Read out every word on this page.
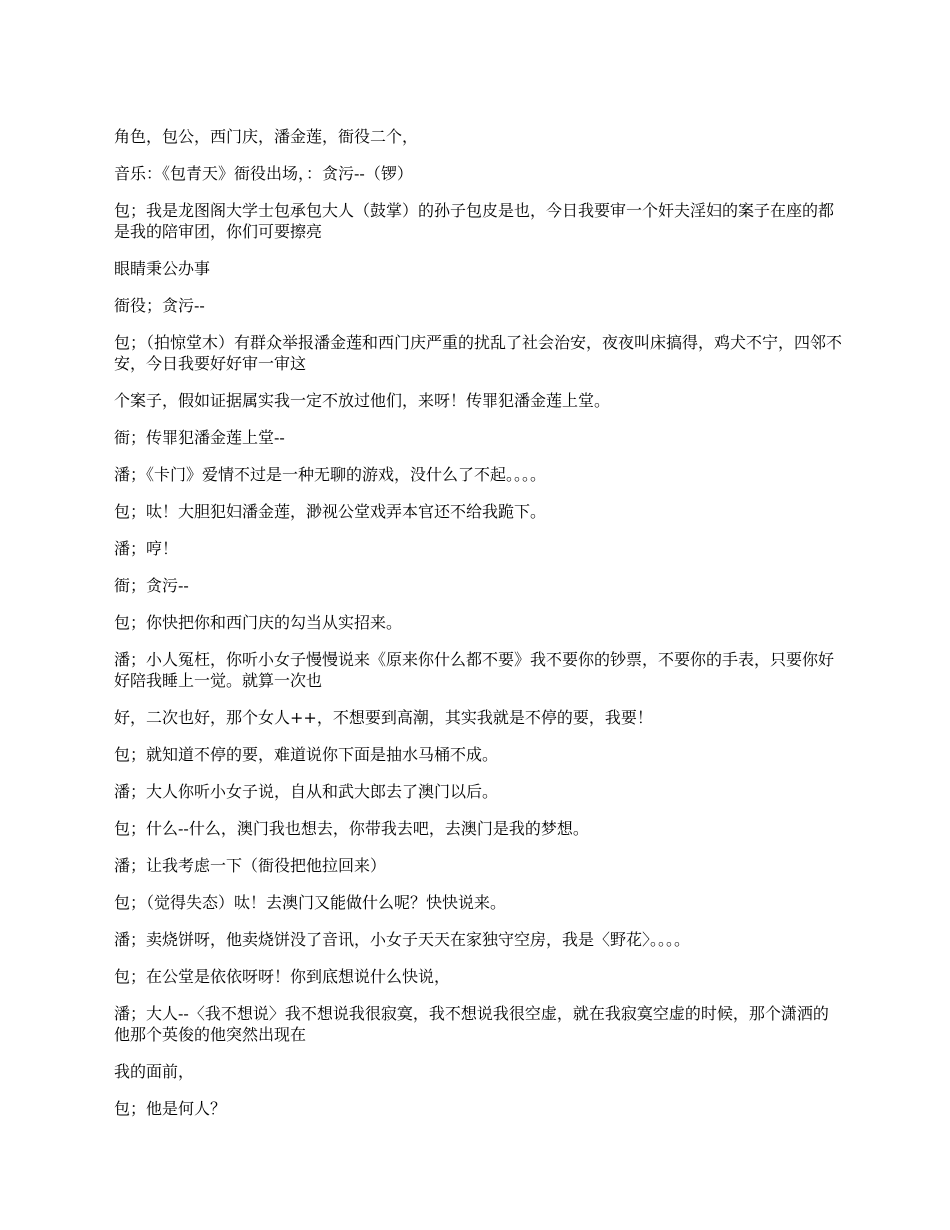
角色，包公，西门庆，潘金莲，衙役二个，

音乐：《包青天》衙役出场，：贪污--（锣）

包；我是龙图阁大学士包承包大人（鼓掌）的孙子包皮是也，今日我要审一个奸夫淫妇的案子在座的都是我的陪审团，你们可要擦亮

眼睛秉公办事

衙役；贪污--

包；（拍惊堂木）有群众举报潘金莲和西门庆严重的扰乱了社会治安，夜夜叫床搞得，鸡犬不宁，四邻不安，今日我要好好审一审这

个案子，假如证据属实我一定不放过他们，来呀！传罪犯潘金莲上堂。

衙；传罪犯潘金莲上堂--

潘；《卡门》爱情不过是一种无聊的游戏，没什么了不起。。。。

包；呔！大胆犯妇潘金莲，渺视公堂戏弄本官还不给我跪下。

潘；哼！

衙；贪污--

包；你快把你和西门庆的勾当从实招来。

潘；小人冤枉，你听小女子慢慢说来《原来你什么都不要》我不要你的钞票，不要你的手表，只要你好好陪我睡上一觉。就算一次也

好，二次也好，那个女人++，不想要到高潮，其实我就是不停的要，我要！

包；就知道不停的要，难道说你下面是抽水马桶不成。

潘；大人你听小女子说，自从和武大郎去了澳门以后。

包；什么--什么，澳门我也想去，你带我去吧，去澳门是我的梦想。

潘；让我考虑一下（衙役把他拉回来）

包；（觉得失态）呔！去澳门又能做什么呢？快快说来。

潘；卖烧饼呀，他卖烧饼没了音讯，小女子天天在家独守空房，我是〈野花〉。。。。

包；在公堂是依依呀呀！你到底想说什么快说，

潘；大人--〈我不想说〉我不想说我很寂寞，我不想说我很空虚，就在我寂寞空虚的时候，那个潇洒的他那个英俊的他突然出现在

我的面前，

包；他是何人？
